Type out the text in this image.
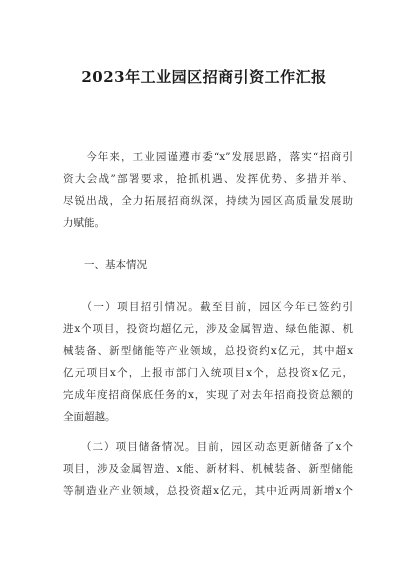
2023年工业园区招商引资工作汇报

　　今年来，工业园谨遵市委“x”发展思路，落实“招商引
资大会战”部署要求，抢抓机遇、发挥优势、多措并举、
尽锐出战，全力拓展招商纵深，持续为园区高质量发展助
力赋能。

　　一、基本情况

　　（一）项目招引情况。截至目前，园区今年已签约引
进x个项目，投资均超亿元，涉及金属智造、绿色能源、机
械装备、新型储能等产业领域，总投资约x亿元，其中超x
亿元项目x个，上报市部门入统项目x个，总投资x亿元，
完成年度招商保底任务的x，实现了对去年招商投资总额的
全面超越。

　　（二）项目储备情况。目前，园区动态更新储备了x个
项目，涉及金属智造、x能、新材料、机械装备、新型储能
等制造业产业领域，总投资超x亿元，其中近两周新增x个
